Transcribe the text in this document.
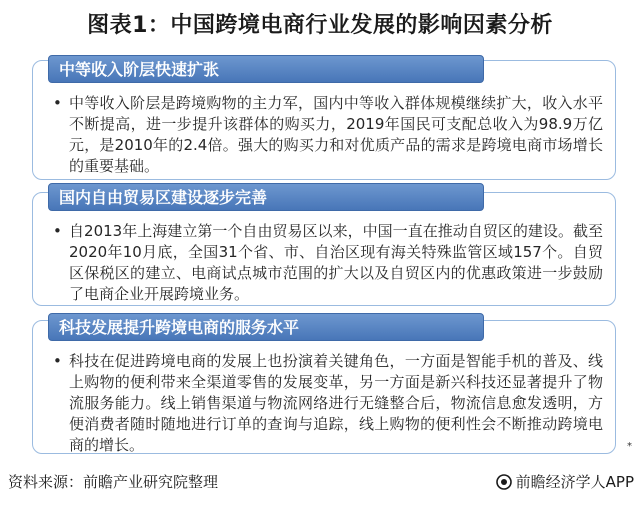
图表1：中国跨境电商行业发展的影响因素分析
• 中等收入阶层是跨境购物的主力军，国内中等收入群体规模继续扩大，收入水平不断提高，进一步提升该群体的购买力，2019年国民可支配总收入为98.9万亿元，是2010年的2.4倍。强大的购买力和对优质产品的需求是跨境电商市场增长的重要基础。
中等收入阶层快速扩张
• 自2013年上海建立第一个自由贸易区以来，中国一直在推动自贸区的建设。截至2020年10月底，全国31个省、市、自治区现有海关特殊监管区域157个。自贸区保税区的建立、电商试点城市范围的扩大以及自贸区内的优惠政策进一步鼓励了电商企业开展跨境业务。
国内自由贸易区建设逐步完善
• 科技在促进跨境电商的发展上也扮演着关键角色，一方面是智能手机的普及、线上购物的便利带来全渠道零售的发展变革，另一方面是新兴科技还显著提升了物流服务能力。线上销售渠道与物流网络进行无缝整合后，物流信息愈发透明，方便消费者随时随地进行订单的查询与追踪，线上购物的便利性会不断推动跨境电商的增长。
科技发展提升跨境电商的服务水平
*
资料来源：前瞻产业研究院整理	前瞻经济学人APP
